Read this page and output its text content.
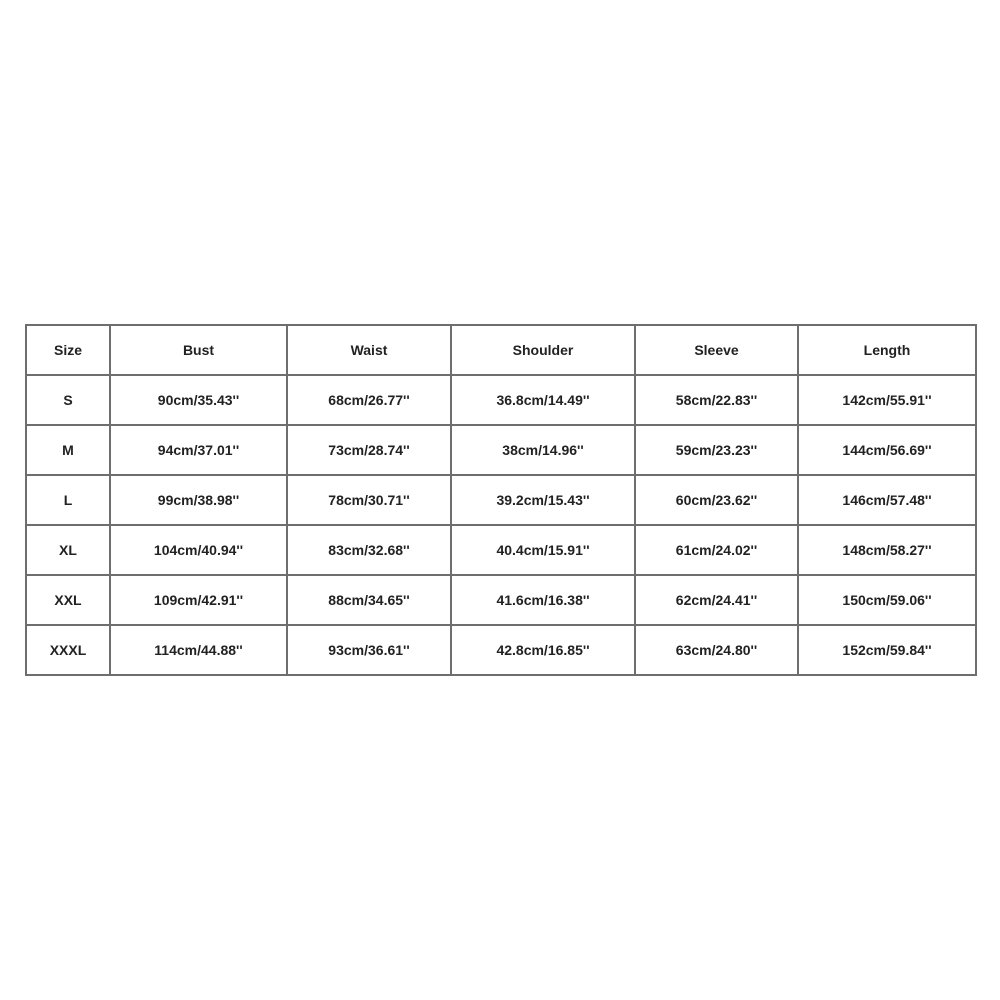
Size	Bust	Waist	Shoulder	Sleeve	Length
S	90cm/35.43''	68cm/26.77''	36.8cm/14.49''	58cm/22.83''	142cm/55.91''
M	94cm/37.01''	73cm/28.74''	38cm/14.96''	59cm/23.23''	144cm/56.69''
L	99cm/38.98''	78cm/30.71''	39.2cm/15.43''	60cm/23.62''	146cm/57.48''
XL	104cm/40.94''	83cm/32.68''	40.4cm/15.91''	61cm/24.02''	148cm/58.27''
XXL	109cm/42.91''	88cm/34.65''	41.6cm/16.38''	62cm/24.41''	150cm/59.06''
XXXL	114cm/44.88''	93cm/36.61''	42.8cm/16.85''	63cm/24.80''	152cm/59.84''
